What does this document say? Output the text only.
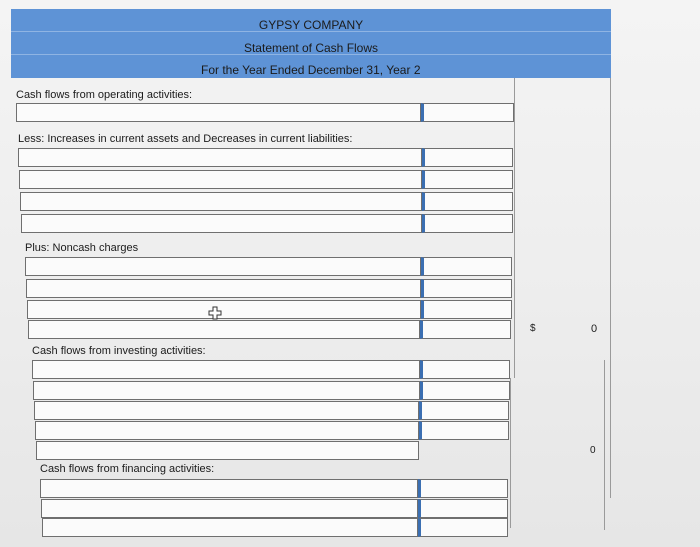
GYPSY COMPANY
Statement of Cash Flows
For the Year Ended December 31, Year 2
Cash flows from operating activities:
Less: Increases in current assets and Decreases in current liabilities:
Plus: Noncash charges
$	0
Cash flows from investing activities:
0
Cash flows from financing activities:
